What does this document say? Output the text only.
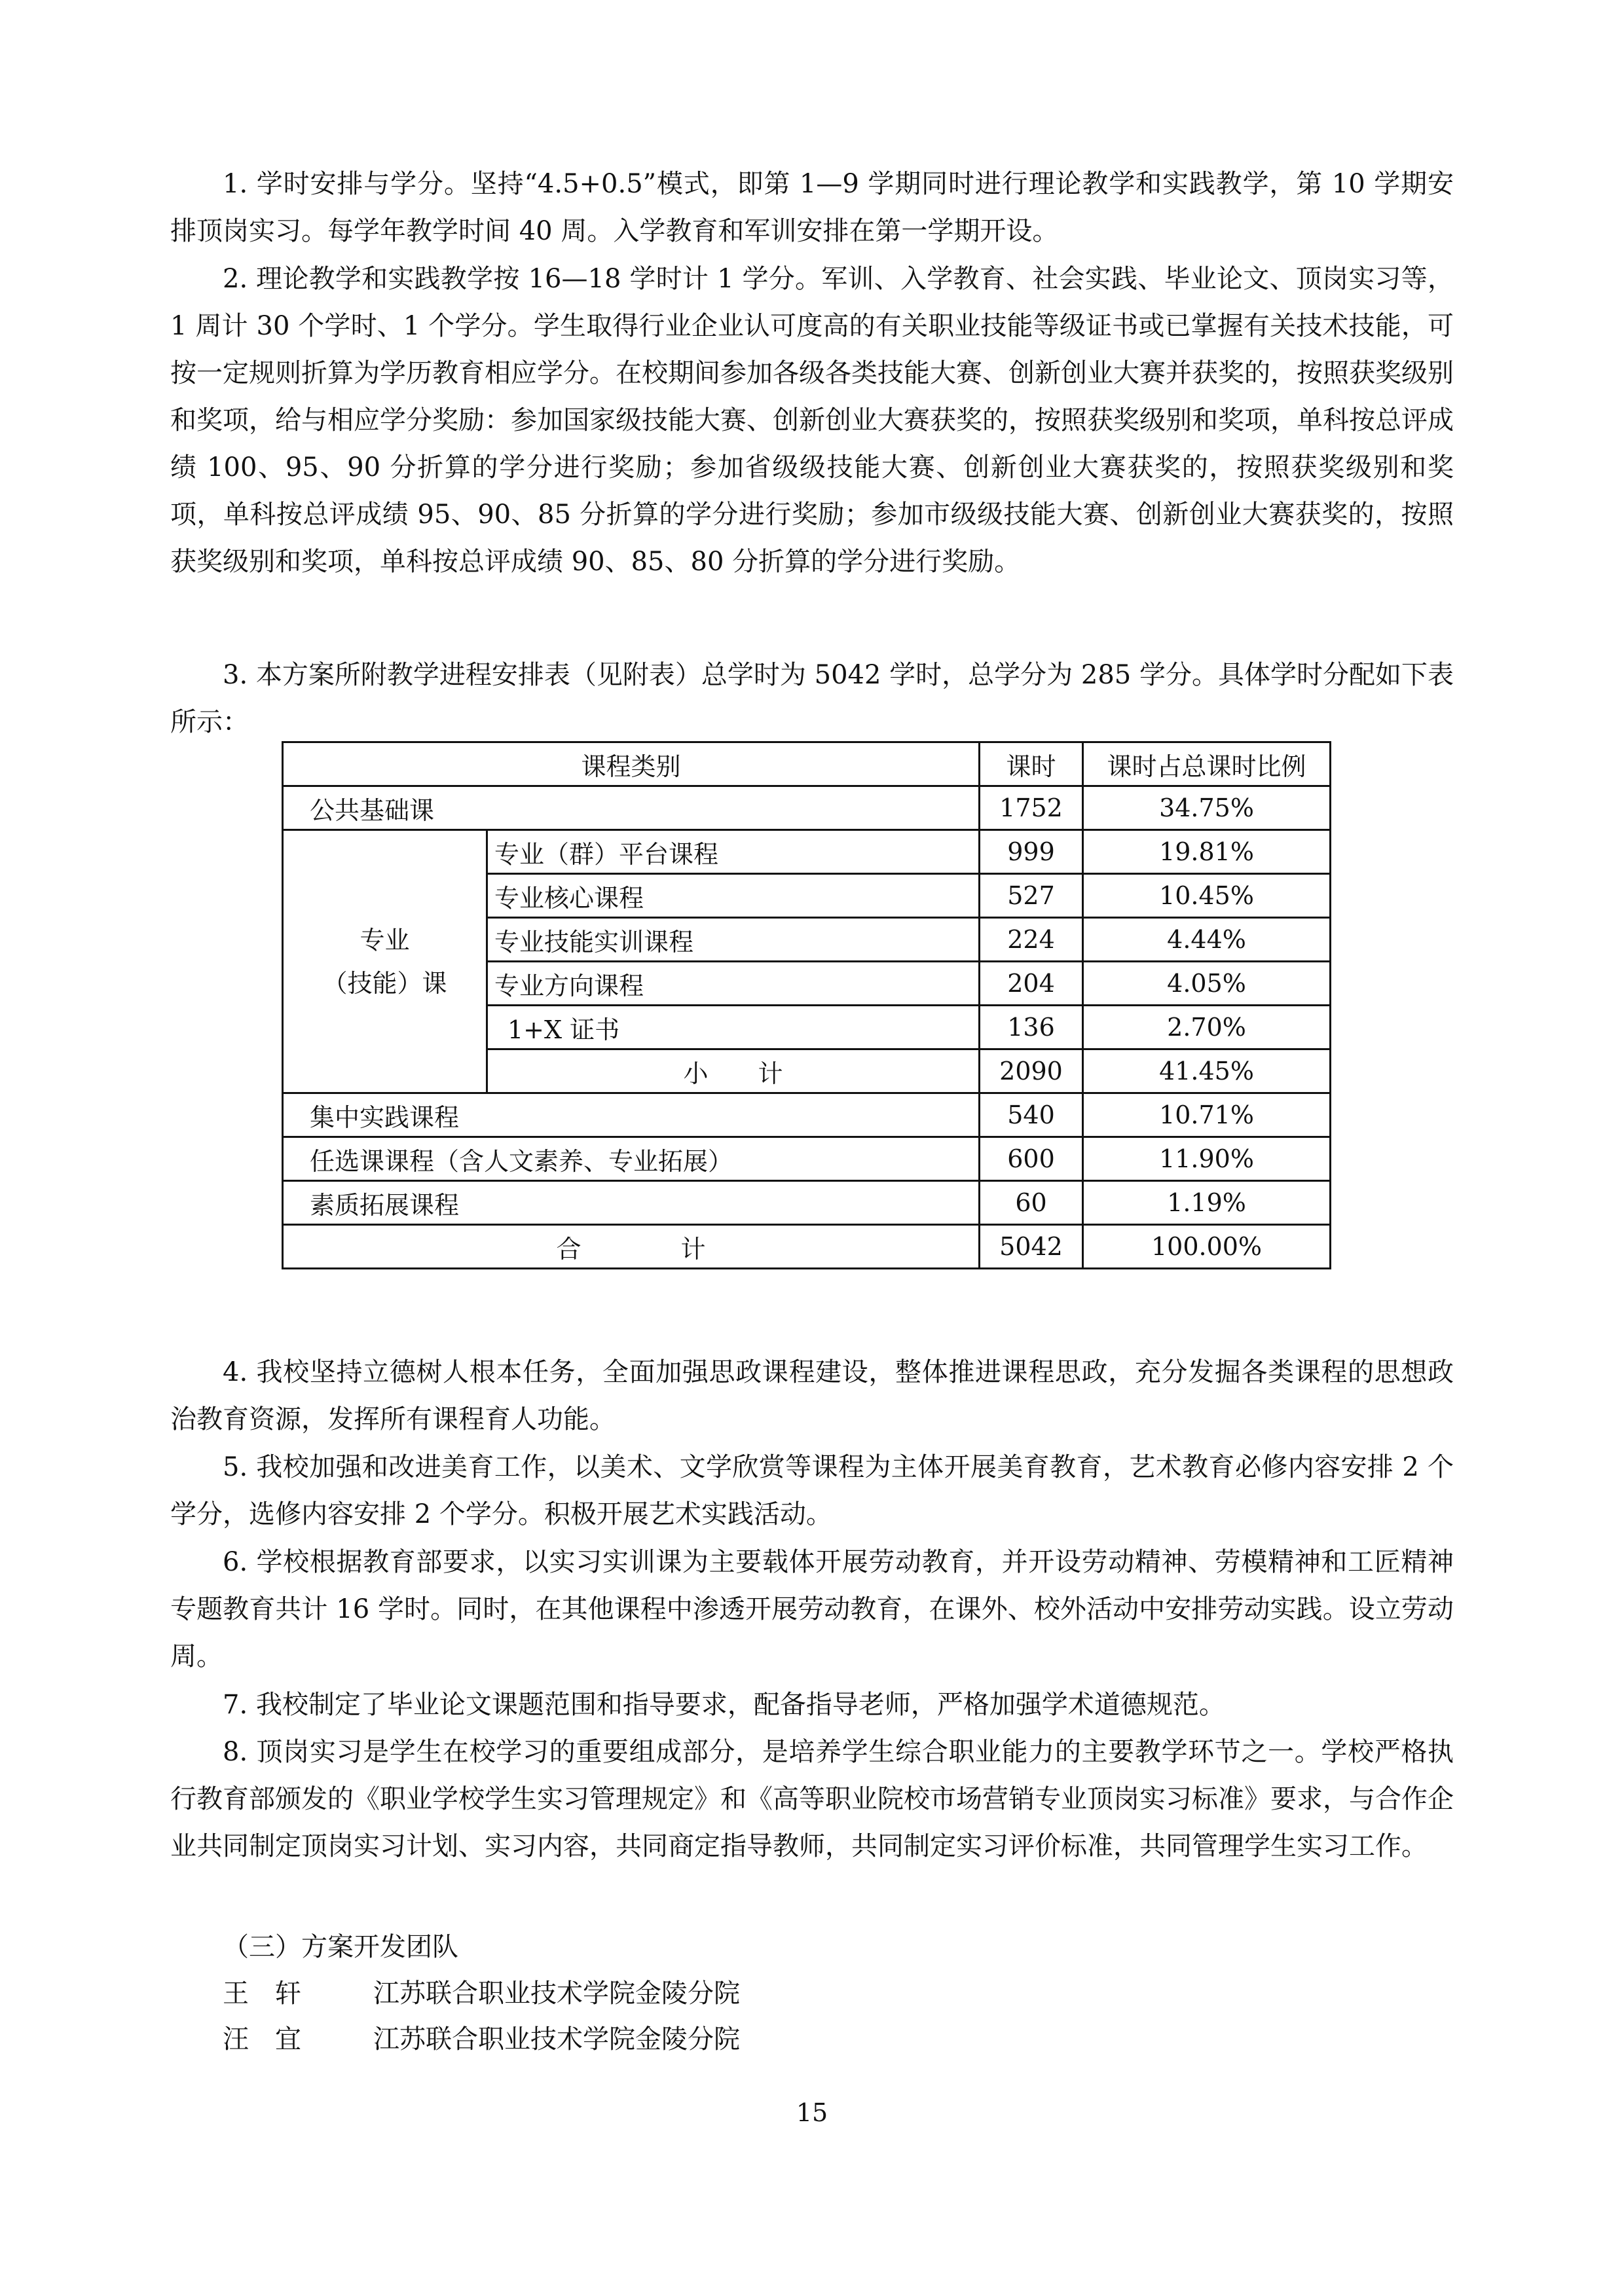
1. 学时安排与学分。坚持“4.5+0.5”模式，即第 1—9 学期同时进行理论教学和实践教学，第 10 学期安排顶岗实习。每学年教学时间 40 周。入学教育和军训安排在第一学期开设。

2. 理论教学和实践教学按 16—18 学时计 1 学分。军训、入学教育、社会实践、毕业论文、顶岗实习等，1 周计 30 个学时、1 个学分。学生取得行业企业认可度高的有关职业技能等级证书或已掌握有关技术技能，可按一定规则折算为学历教育相应学分。在校期间参加各级各类技能大赛、创新创业大赛并获奖的，按照获奖级别和奖项，给与相应学分奖励：参加国家级技能大赛、创新创业大赛获奖的，按照获奖级别和奖项，单科按总评成绩 100、95、90 分折算的学分进行奖励；参加省级级技能大赛、创新创业大赛获奖的，按照获奖级别和奖项，单科按总评成绩 95、90、85 分折算的学分进行奖励；参加市级级技能大赛、创新创业大赛获奖的，按照获奖级别和奖项，单科按总评成绩 90、85、80 分折算的学分进行奖励。

3. 本方案所附教学进程安排表（见附表）总学时为 5042 学时，总学分为 285 学分。具体学时分配如下表所示：

课程类别		课时	课时占总课时比例
公共基础课		1752	34.75%

专业
（技能）课	专业（群）平台课程	999	19.81%
	专业核心课程	527	10.45%
	专业技能实训课程	224	4.44%
	专业方向课程	204	4.05%
	1+X 证书	136	2.70%
	小　　计	2090	41.45%
集中实践课程		540	10.71%
任选课课程（含人文素养、专业拓展）		600	11.90%
素质拓展课程		60	1.19%
合　　　　计		5042	100.00%

4. 我校坚持立德树人根本任务，全面加强思政课程建设，整体推进课程思政，充分发掘各类课程的思想政治教育资源，发挥所有课程育人功能。

5. 我校加强和改进美育工作，以美术、文学欣赏等课程为主体开展美育教育，艺术教育必修内容安排 2 个学分，选修内容安排 2 个学分。积极开展艺术实践活动。

6. 学校根据教育部要求，以实习实训课为主要载体开展劳动教育，并开设劳动精神、劳模精神和工匠精神专题教育共计 16 学时。同时，在其他课程中渗透开展劳动教育，在课外、校外活动中安排劳动实践。设立劳动周。

7. 我校制定了毕业论文课题范围和指导要求，配备指导老师，严格加强学术道德规范。

8. 顶岗实习是学生在校学习的重要组成部分，是培养学生综合职业能力的主要教学环节之一。学校严格执行教育部颁发的《职业学校学生实习管理规定》和《高等职业院校市场营销专业顶岗实习标准》要求，与合作企业共同制定顶岗实习计划、实习内容，共同商定指导教师，共同制定实习评价标准，共同管理学生实习工作。

（三）方案开发团队

王　轩	江苏联合职业技术学院金陵分院
汪　宜	江苏联合职业技术学院金陵分院
15
